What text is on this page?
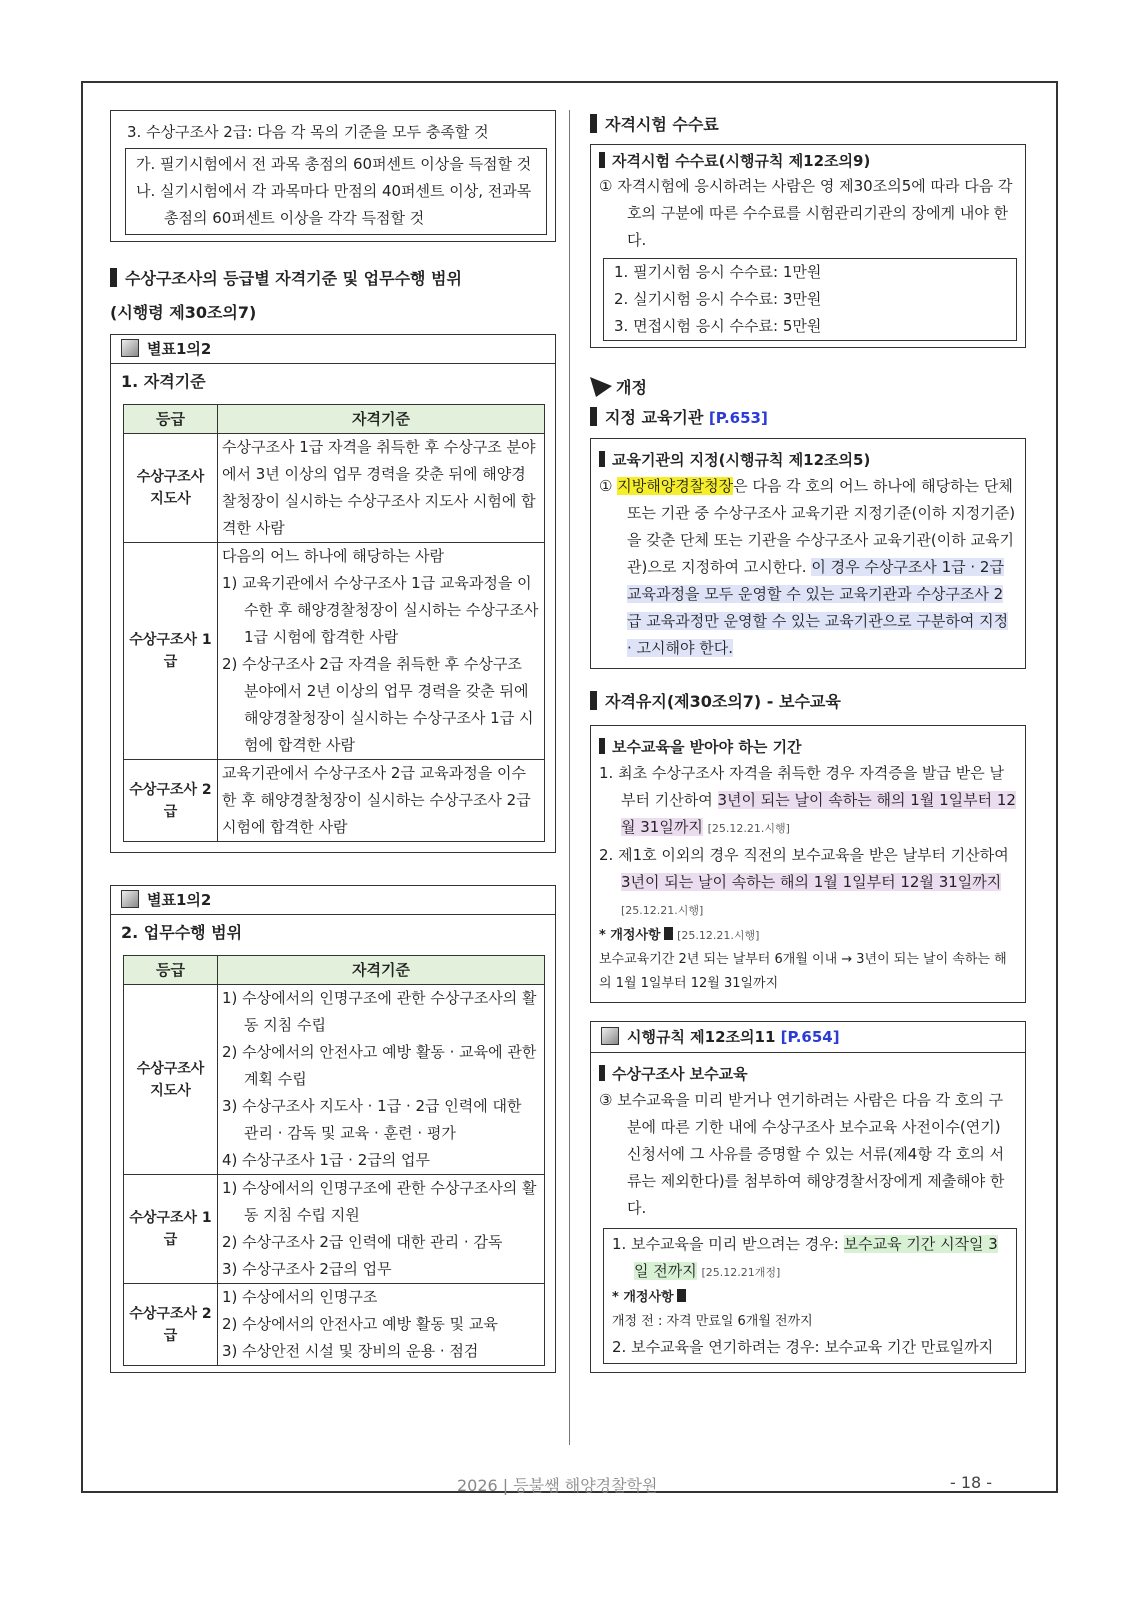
3. 수상구조사 2급: 다음 각 목의 기준을 모두 충족할 것
가. 필기시험에서 전 과목 총점의 60퍼센트 이상을 득점할 것
나. 실기시험에서 각 과목마다 만점의 40퍼센트 이상, 전과목 총점의 60퍼센트 이상을 각각 득점할 것
수상구조사의 등급별 자격기준 및 업무수행 범위
(시행령 제30조의7)
별표1의2
1. 자격기준
등급	자격기준
수상구조사 지도사	수상구조사 1급 자격을 취득한 후 수상구조 분야에서 3년 이상의 업무 경력을 갖춘 뒤에 해양경찰청장이 실시하는 수상구조사 지도사 시험에 합격한 사람
수상구조사 1급	다음의 어느 하나에 해당하는 사람
1) 교육기관에서 수상구조사 1급 교육과정을 이수한 후 해양경찰청장이 실시하는 수상구조사 1급 시험에 합격한 사람
2) 수상구조사 2급 자격을 취득한 후 수상구조 분야에서 2년 이상의 업무 경력을 갖춘 뒤에 해양경찰청장이 실시하는 수상구조사 1급 시험에 합격한 사람

수상구조사 2급	교육기관에서 수상구조사 2급 교육과정을 이수한 후 해양경찰청장이 실시하는 수상구조사 2급 시험에 합격한 사람
별표1의2
2. 업무수행 범위
등급	자격기준
수상구조사 지도사	1) 수상에서의 인명구조에 관한 수상구조사의 활동 지침 수립
2) 수상에서의 안전사고 예방 활동 · 교육에 관한 계획 수립
3) 수상구조사 지도사 · 1급 · 2급 인력에 대한 관리 · 감독 및 교육 · 훈련 · 평가
4) 수상구조사 1급 · 2급의 업무

수상구조사 1급	1) 수상에서의 인명구조에 관한 수상구조사의 활동 지침 수립 지원
2) 수상구조사 2급 인력에 대한 관리 · 감독
3) 수상구조사 2급의 업무

수상구조사 2급	1) 수상에서의 인명구조
2) 수상에서의 안전사고 예방 활동 및 교육
3) 수상안전 시설 및 장비의 운용 · 점검
자격시험 수수료
자격시험 수수료(시행규칙 제12조의9)
① 자격시험에 응시하려는 사람은 영 제30조의5에 따라 다음 각 호의 구분에 따른 수수료를 시험관리기관의 장에게 내야 한다.
1. 필기시험 응시 수수료: 1만원
2. 실기시험 응시 수수료: 3만원
3. 면접시험 응시 수수료: 5만원
개정
지정 교육기관 [P.653]
교육기관의 지정(시행규칙 제12조의5)
① 지방해양경찰청장은 다음 각 호의 어느 하나에 해당하는 단체 또는 기관 중 수상구조사 교육기관 지정기준(이하 지정기준)을 갖춘 단체 또는 기관을 수상구조사 교육기관(이하 교육기관)으로 지정하여 고시한다. 이 경우 수상구조사 1급 · 2급 교육과정을 모두 운영할 수 있는 교육기관과 수상구조사 2급 교육과정만 운영할 수 있는 교육기관으로 구분하여 지정 · 고시해야 한다.
자격유지(제30조의7) - 보수교육
보수교육을 받아야 하는 기간
1. 최초 수상구조사 자격을 취득한 경우 자격증을 발급 받은 날부터 기산하여 3년이 되는 날이 속하는 해의 1월 1일부터 12월 31일까지 [25.12.21.시행]
2. 제1호 이외의 경우 직전의 보수교육을 받은 날부터 기산하여 3년이 되는 날이 속하는 해의 1월 1일부터 12월 31일까지 [25.12.21.시행]
* 개정사항 [25.12.21.시행]
보수교육기간 2년 되는 날부터 6개월 이내 → 3년이 되는 날이 속하는 해의 1월 1일부터 12월 31일까지
시행규칙 제12조의11 [P.654]
수상구조사 보수교육
③ 보수교육을 미리 받거나 연기하려는 사람은 다음 각 호의 구분에 따른 기한 내에 수상구조사 보수교육 사전이수(연기) 신청서에 그 사유를 증명할 수 있는 서류(제4항 각 호의 서류는 제외한다)를 첨부하여 해양경찰서장에게 제출해야 한다.
1. 보수교육을 미리 받으려는 경우: 보수교육 기간 시작일 3일 전까지 [25.12.21개정]
* 개정사항
개정 전 : 자격 만료일 6개월 전까지
2. 보수교육을 연기하려는 경우: 보수교육 기간 만료일까지
2026 | 등불쌤 해양경찰학원	- 18 -
